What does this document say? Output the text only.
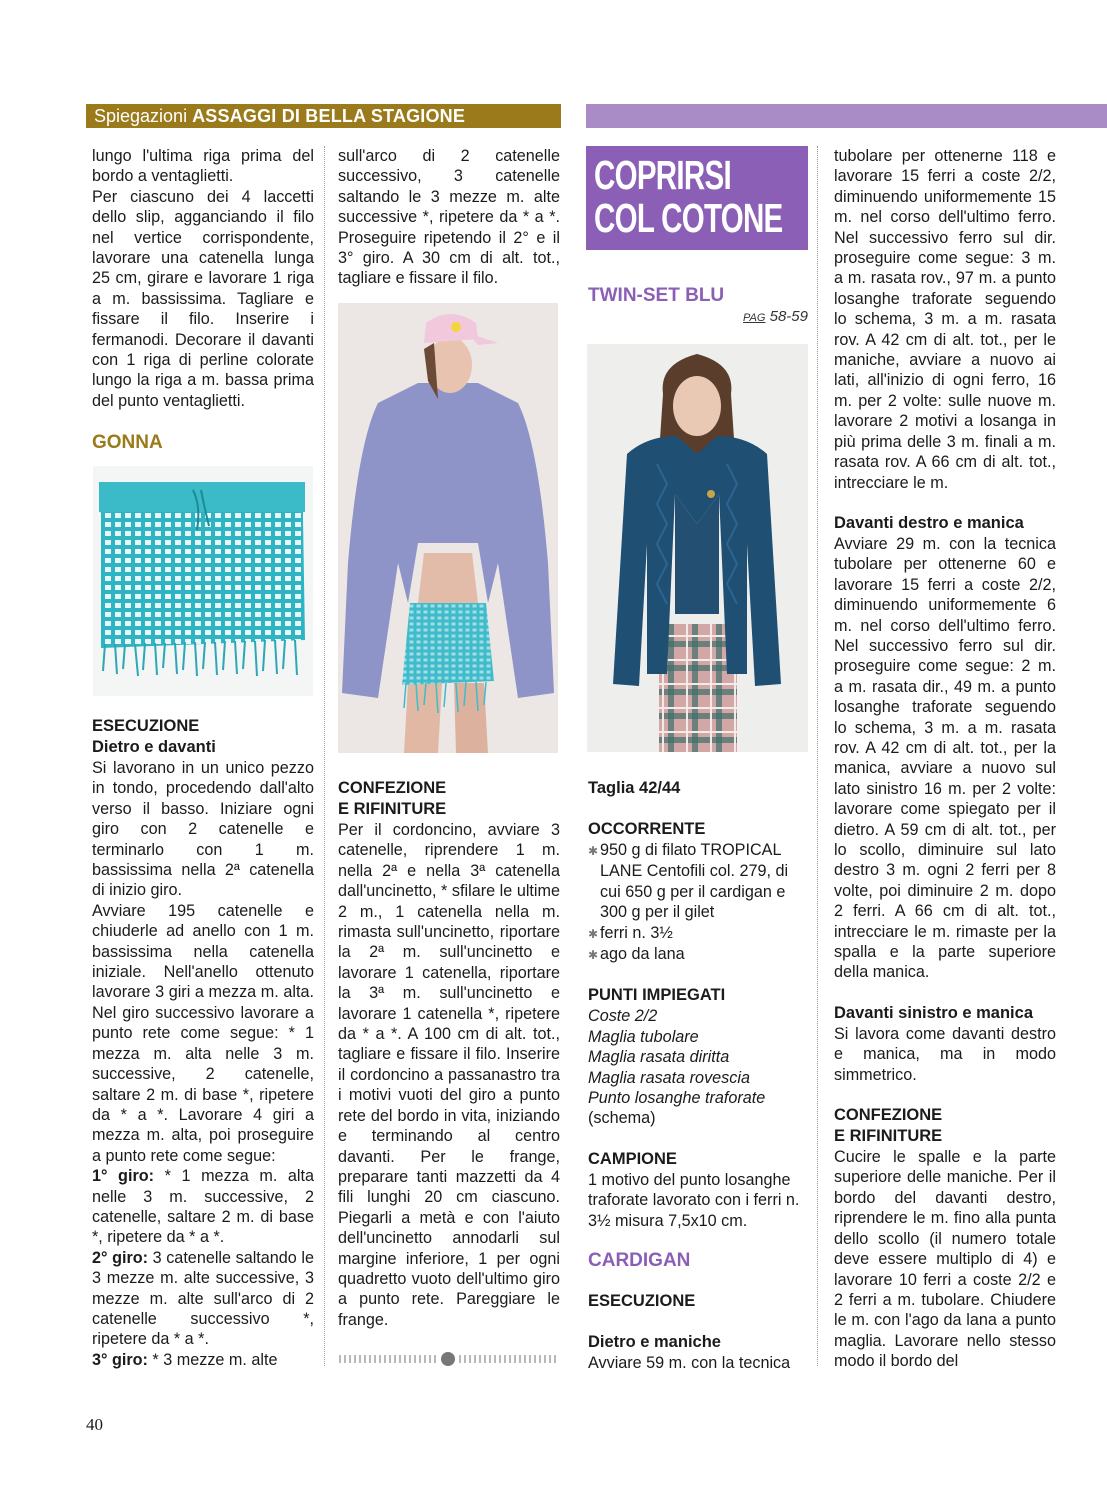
Spiegazioni ASSAGGI DI BELLA STAGIONE

lungo l'ultima riga prima del bordo a ventaglietti.

Per ciascuno dei 4 laccetti dello slip, agganciando il filo nel vertice corrispondente, lavorare una catenella lunga 25 cm, girare e lavorare 1 riga a m. bassissima. Tagliare e fissare il filo. Inserire i fermanodi. Decorare il davanti con 1 riga di perline colorate lungo la riga a m. bassa prima del punto ventaglietti.

GONNA
ESECUZIONE
Dietro e davanti

Si lavorano in un unico pezzo in tondo, procedendo dall'alto verso il basso. Iniziare ogni giro con 2 catenelle e terminarlo con 1 m. bassissima nella 2ª catenella di inizio giro.

Avviare 195 catenelle e chiuderle ad anello con 1 m. bassissima nella catenella iniziale. Nell'anello ottenuto lavorare 3 giri a mezza m. alta. Nel giro successivo lavorare a punto rete come segue: * 1 mezza m. alta nelle 3 m. successive, 2 catenelle, saltare 2 m. di base *, ripetere da * a *. Lavorare 4 giri a mezza m. alta, poi proseguire a punto rete come segue:

1° giro: * 1 mezza m. alta nelle 3 m. successive, 2 catenelle, saltare 2 m. di base *, ripetere da * a *.

2° giro: 3 catenelle saltando le 3 mezze m. alte successive, 3 mezze m. alte sull'arco di 2 catenelle successivo *, ripetere da * a *.

3° giro: * 3 mezze m. alte

sull'arco di 2 catenelle successivo, 3 catenelle saltando le 3 mezze m. alte successive *, ripetere da * a *. Proseguire ripetendo il 2° e il 3° giro. A 30 cm di alt. tot., tagliare e fissare il filo.

CONFEZIONE
E RIFINITURE

Per il cordoncino, avviare 3 catenelle, riprendere 1 m. nella 2ª e nella 3ª catenella dall'uncinetto, * sfilare le ultime 2 m., 1 catenella nella m. rimasta sull'uncinetto, riportare la 2ª m. sull'uncinetto e lavorare 1 catenella, riportare la 3ª m. sull'uncinetto e lavorare 1 catenella *, ripetere da * a *. A 100 cm di alt. tot., tagliare e fissare il filo. Inserire il cordoncino a passanastro tra i motivi vuoti del giro a punto rete del bordo in vita, iniziando e terminando al centro davanti. Per le frange, preparare tanti mazzetti da 4 fili lunghi 20 cm ciascuno. Piegarli a metà e con l'aiuto dell'uncinetto annodarli sul margine inferiore, 1 per ogni quadretto vuoto dell'ultimo giro a punto rete. Pareggiare le frange.

COPRIRSI
COL COTONE
TWIN-SET BLU
PAG 58-59
Taglia 42/44
OCCORRENTE

✱ 950 g di filato TROPICAL LANE Centofili col. 279, di cui 650 g per il cardigan e 300 g per il gilet

✱ ferri n. 3½

✱ ago da lana

PUNTI IMPIEGATI

Coste 2/2

Maglia tubolare

Maglia rasata diritta

Maglia rasata rovescia

Punto losanghe traforate

(schema)

CAMPIONE

1 motivo del punto losanghe traforate lavorato con i ferri n. 3½ misura 7,5x10 cm.

CARDIGAN
ESECUZIONE
Dietro e maniche

Avviare 59 m. con la tecnica

tubolare per ottenerne 118 e lavorare 15 ferri a coste 2/2, diminuendo uniformemente 15 m. nel corso dell'ultimo ferro. Nel successivo ferro sul dir. proseguire come segue: 3 m. a m. rasata rov., 97 m. a punto losanghe traforate seguendo lo schema, 3 m. a m. rasata rov. A 42 cm di alt. tot., per le maniche, avviare a nuovo ai lati, all'inizio di ogni ferro, 16 m. per 2 volte: sulle nuove m. lavorare 2 motivi a losanga in più prima delle 3 m. finali a m. rasata rov. A 66 cm di alt. tot., intrecciare le m.

Davanti destro e manica

Avviare 29 m. con la tecnica tubolare per ottenerne 60 e lavorare 15 ferri a coste 2/2, diminuendo uniformemente 6 m. nel corso dell'ultimo ferro. Nel successivo ferro sul dir. proseguire come segue: 2 m. a m. rasata dir., 49 m. a punto losanghe traforate seguendo lo schema, 3 m. a m. rasata rov. A 42 cm di alt. tot., per la manica, avviare a nuovo sul lato sinistro 16 m. per 2 volte: lavorare come spiegato per il dietro. A 59 cm di alt. tot., per lo scollo, diminuire sul lato destro 3 m. ogni 2 ferri per 8 volte, poi diminuire 2 m. dopo 2 ferri. A 66 cm di alt. tot., intrecciare le m. rimaste per la spalla e la parte superiore della manica.

Davanti sinistro e manica

Si lavora come davanti destro e manica, ma in modo simmetrico.

CONFEZIONE
E RIFINITURE

Cucire le spalle e la parte superiore delle maniche. Per il bordo del davanti destro, riprendere le m. fino alla punta dello scollo (il numero totale deve essere multiplo di 4) e lavorare 10 ferri a coste 2/2 e 2 ferri a m. tubolare. Chiudere le m. con l'ago da lana a punto maglia. Lavorare nello stesso modo il bordo del

40
